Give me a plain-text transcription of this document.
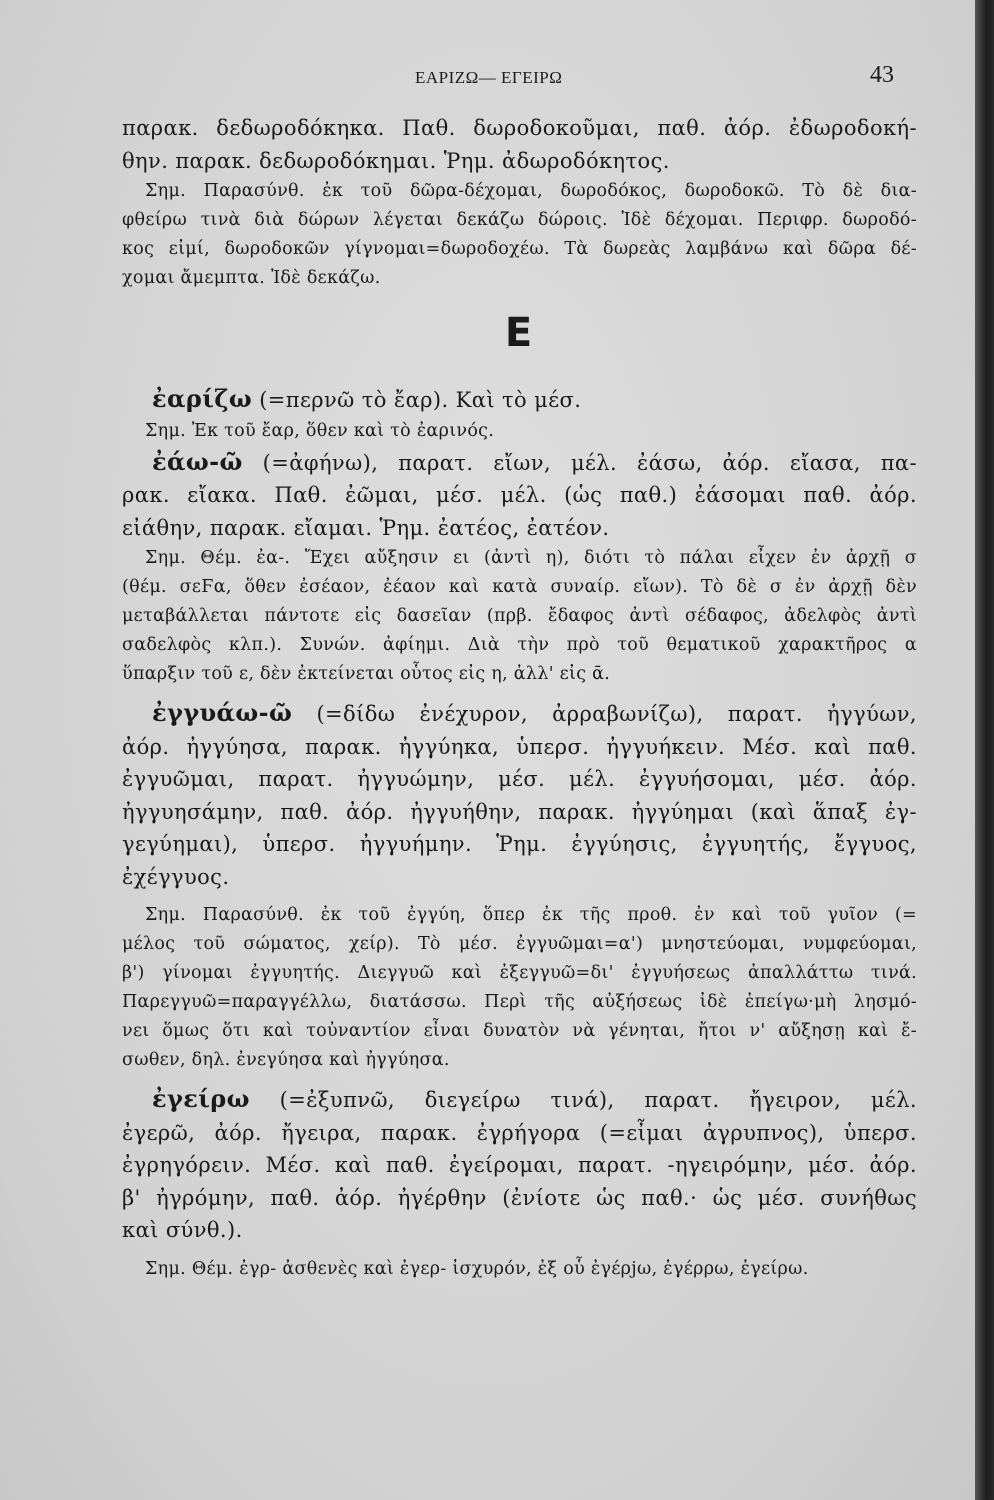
ΕΑΡΙΖΩ— ΕΓΕΙΡΩ	43
παρακ. δεδωροδόκηκα. Παθ. δωροδοκοῦμαι, παθ. ἀόρ. ἐδωροδοκή-
θην. παρακ. δεδωροδόκημαι. Ῥημ. ἀδωροδόκητος.
Σημ. Παρασύνθ. ἐκ τοῦ δῶρα-δέχομαι, δωροδόκος, δωροδοκῶ. Τὸ δὲ δια-
φθείρω τινὰ διὰ δώρων λέγεται δεκάζω δώροις. Ἰδὲ δέχομαι. Περιφρ. δωροδό-
κος εἰμί, δωροδοκῶν γίγνομαι=δωροδοχέω. Τὰ δωρεὰς λαμβάνω καὶ δῶρα δέ-
χομαι ἄμεμπτα. Ἰδὲ δεκάζω.
Ε
ἐαρίζω (=περνῶ τὸ ἔαρ). Καὶ τὸ μέσ.
Σημ. Ἐκ τοῦ ἔαρ, ὅθεν καὶ τὸ ἐαρινός.
ἐάω-ῶ (=ἀφήνω), παρατ. εἴων, μέλ. ἐάσω, ἀόρ. εἴασα, πα-
ρακ. εἴακα. Παθ. ἐῶμαι, μέσ. μέλ. (ὡς παθ.) ἐάσομαι παθ. ἀόρ.
εἰάθην, παρακ. εἴαμαι. Ῥημ. ἐατέος, ἐατέον.
Σημ. Θέμ. ἐα-. Ἔχει αὔξησιν ει (ἀντὶ η), διότι τὸ πάλαι εἶχεν ἐν ἀρχῇ σ
(θέμ. σεϜα, ὅθεν ἐσέαον, ἐέαον καὶ κατὰ συναίρ. εἴων). Τὸ δὲ σ ἐν ἀρχῇ δὲν
μεταβάλλεται πάντοτε εἰς δασεῖαν (πρβ. ἔδαφος ἀντὶ σέδαφος, ἀδελφὸς ἀντὶ
σαδελφὸς κλπ.). Συνών. ἀφίημι. Διὰ τὴν πρὸ τοῦ θεματικοῦ χαρακτῆρος α
ὕπαρξιν τοῦ ε, δὲν ἐκτείνεται οὗτος εἰς η, ἀλλ' εἰς ᾱ.
ἐγγυάω-ῶ (=δίδω ἐνέχυρον, ἀρραβωνίζω), παρατ. ἠγγύων,
ἀόρ. ἠγγύησα, παρακ. ἠγγύηκα, ὑπερσ. ἠγγυήκειν. Μέσ. καὶ παθ.
ἐγγυῶμαι, παρατ. ἠγγυώμην, μέσ. μέλ. ἐγγυήσομαι, μέσ. ἀόρ.
ἠγγυησάμην, παθ. ἀόρ. ἠγγυήθην, παρακ. ἠγγύημαι (καὶ ἅπαξ ἐγ-
γεγύημαι), ὑπερσ. ἠγγυήμην. Ῥημ. ἐγγύησις, ἐγγυητής, ἔγγυος,
ἐχέγγυος.
Σημ. Παρασύνθ. ἐκ τοῦ ἐγγύη, ὅπερ ἐκ τῆς προθ. ἐν καὶ τοῦ γυῖον (=
μέλος τοῦ σώματος, χείρ). Τὸ μέσ. ἐγγυῶμαι=α') μνηστεύομαι, νυμφεύομαι,
β') γίνομαι ἐγγυητής. Διεγγυῶ καὶ ἐξεγγυῶ=δι' ἐγγυήσεως ἀπαλλάττω τινά.
Παρεγγυῶ=παραγγέλλω, διατάσσω. Περὶ τῆς αὐξήσεως ἰδὲ ἐπείγω·μὴ λησμό-
νει ὅμως ὅτι καὶ τοὐναντίον εἶναι δυνατὸν νὰ γένηται, ἤτοι ν' αὔξησῃ καὶ ἔ-
σωθεν, δηλ. ἐνεγύησα καὶ ἠγγύησα.
ἐγείρω (=ἐξυπνῶ, διεγείρω τινά), παρατ. ἤγειρον, μέλ.
ἐγερῶ, ἀόρ. ἤγειρα, παρακ. ἐγρήγορα (=εἶμαι ἀγρυπνος), ὑπερσ.
ἐγρηγόρειν. Μέσ. καὶ παθ. ἐγείρομαι, παρατ. -ηγειρόμην, μέσ. ἀόρ.
β' ἠγρόμην, παθ. ἀόρ. ἠγέρθην (ἐνίοτε ὡς παθ.· ὡς μέσ. συνήθως
καὶ σύνθ.).
Σημ. Θέμ. ἐγρ- ἀσθενὲς καὶ ἐγερ- ἰσχυρόν, ἐξ οὗ ἐγέρjω, ἐγέρρω, ἐγείρω.
